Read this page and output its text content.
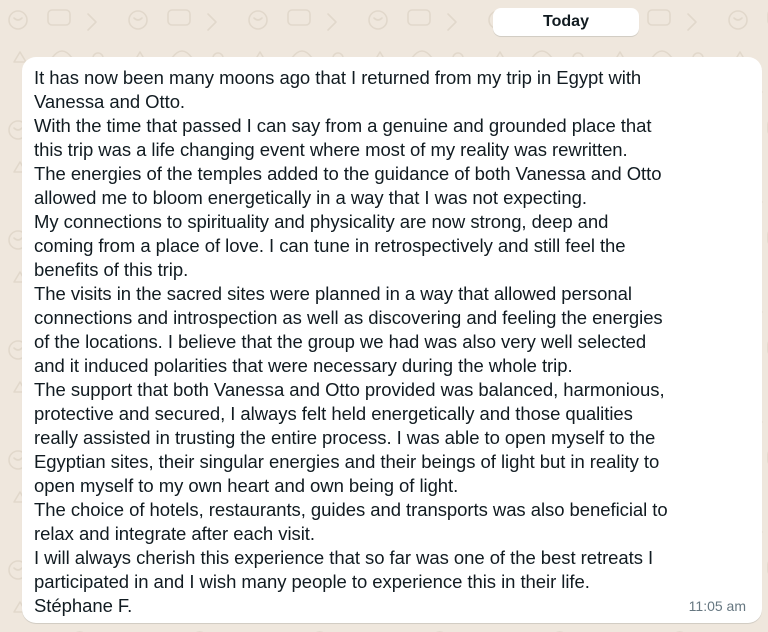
Today
It has now been many moons ago that I returned from my trip in Egypt with
Vanessa and Otto.
With the time that passed I can say from a genuine and grounded place that
this trip was a life changing event where most of my reality was rewritten.
The energies of the temples added to the guidance of both Vanessa and Otto
allowed me to bloom energetically in a way that I was not expecting.
My connections to spirituality and physicality are now strong, deep and
coming from a place of love. I can tune in retrospectively and still feel the
benefits of this trip.
The visits in the sacred sites were planned in a way that allowed personal
connections and introspection as well as discovering and feeling the energies
of the locations. I believe that the group we had was also very well selected
and it induced polarities that were necessary during the whole trip.
The support that both Vanessa and Otto provided was balanced, harmonious,
protective and secured, I always felt held energetically and those qualities
really assisted in trusting the entire process. I was able to open myself to the
Egyptian sites, their singular energies and their beings of light but in reality to
open myself to my own heart and own being of light.
The choice of hotels, restaurants, guides and transports was also beneficial to
relax and integrate after each visit.
I will always cherish this experience that so far was one of the best retreats I
participated in and I wish many people to experience this in their life.
Stéphane F.	11:05 am
